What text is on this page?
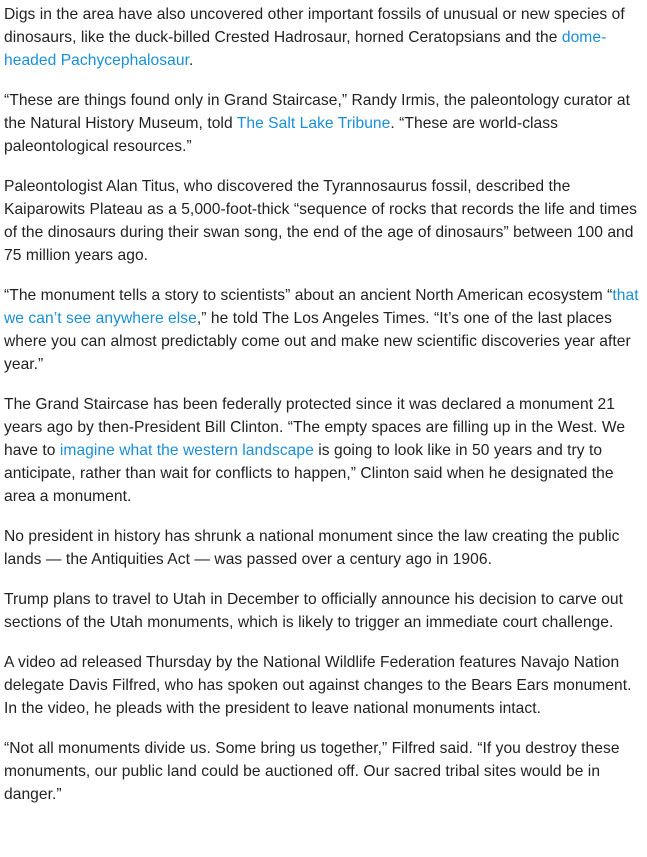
Digs in the area have also uncovered other important fossils of unusual or new species of dinosaurs, like the duck-billed Crested Hadrosaur, horned Ceratopsians and the dome-headed Pachycephalosaur.

“These are things found only in Grand Staircase,” Randy Irmis, the paleontology curator at the Natural History Museum, told The Salt Lake Tribune. “These are world-class paleontological resources.”

Paleontologist Alan Titus, who discovered the Tyrannosaurus fossil, described the Kaiparowits Plateau as a 5,000-foot-thick “sequence of rocks that records the life and times of the dinosaurs during their swan song, the end of the age of dinosaurs” between 100 and 75 million years ago.

“The monument tells a story to scientists” about an ancient North American ecosystem “that we can’t see anywhere else,” he told The Los Angeles Times. “It’s one of the last places where you can almost predictably come out and make new scientific discoveries year after year.”

The Grand Staircase has been federally protected since it was declared a monument 21 years ago by then-President Bill Clinton. “The empty spaces are filling up in the West. We have to imagine what the western landscape is going to look like in 50 years and try to anticipate, rather than wait for conflicts to happen,” Clinton said when he designated the area a monument.

No president in history has shrunk a national monument since the law creating the public lands — the Antiquities Act — was passed over a century ago in 1906.

Trump plans to travel to Utah in December to officially announce his decision to carve out sections of the Utah monuments, which is likely to trigger an immediate court challenge.

A video ad released Thursday by the National Wildlife Federation features Navajo Nation delegate Davis Filfred, who has spoken out against changes to the Bears Ears monument. In the video, he pleads with the president to leave national monuments intact.

“Not all monuments divide us. Some bring us together,” Filfred said. “If you destroy these monuments, our public land could be auctioned off. Our sacred tribal sites would be in danger.”
